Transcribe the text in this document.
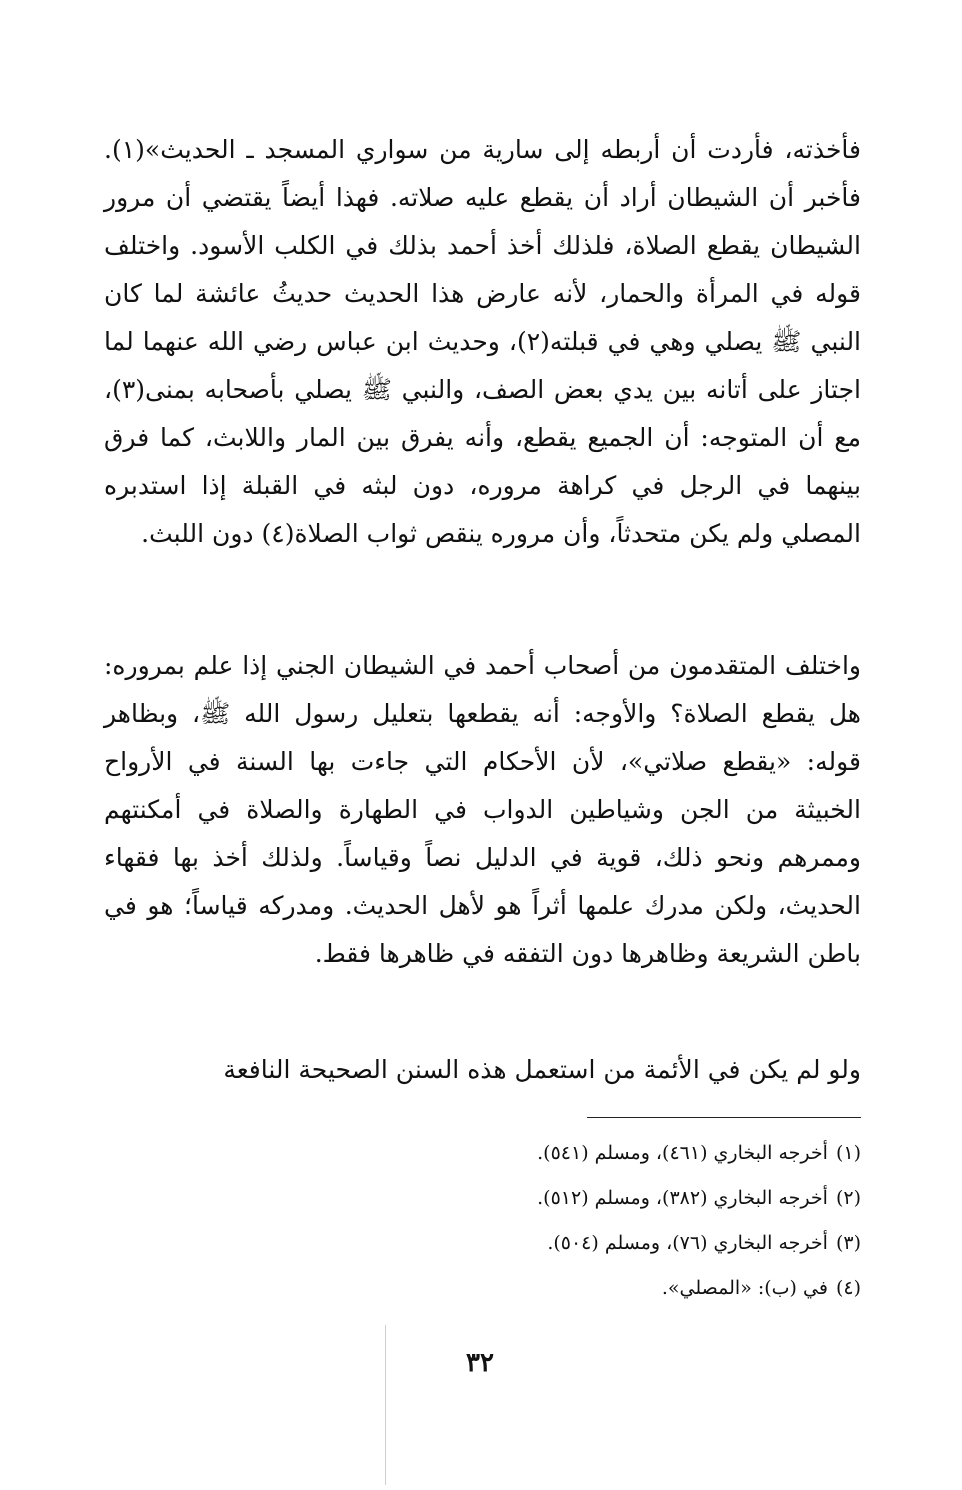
فأخذته، فأردت أن أربطه إلى سارية من سواري المسجد ـ الحديث»(١). فأخبر أن الشيطان أراد أن يقطع عليه صلاته. فهذا أيضاً يقتضي أن مرور الشيطان يقطع الصلاة، فلذلك أخذ أحمد بذلك في الكلب الأسود. واختلف قوله في المرأة والحمار، لأنه عارض هذا الحديث حديثُ عائشة لما كان النبي ﷺ يصلي وهي في قبلته(٢)، وحديث ابن عباس رضي الله عنهما لما اجتاز على أتانه بين يدي بعض الصف، والنبي ﷺ يصلي بأصحابه بمنى(٣)، مع أن المتوجه: أن الجميع يقطع، وأنه يفرق بين المار واللابث، كما فرق بينهما في الرجل في كراهة مروره، دون لبثه في القبلة إذا استدبره المصلي ولم يكن متحدثاً، وأن مروره ينقص ثواب الصلاة(٤) دون اللبث.

واختلف المتقدمون من أصحاب أحمد في الشيطان الجني إذا علم بمروره: هل يقطع الصلاة؟ والأوجه: أنه يقطعها بتعليل رسول الله ﷺ، وبظاهر قوله: «يقطع صلاتي»، لأن الأحكام التي جاءت بها السنة في الأرواح الخبيثة من الجن وشياطين الدواب في الطهارة والصلاة في أمكنتهم وممرهم ونحو ذلك، قوية في الدليل نصاً وقياساً. ولذلك أخذ بها فقهاء الحديث، ولكن مدرك علمها أثراً هو لأهل الحديث. ومدركه قياساً؛ هو في باطن الشريعة وظاهرها دون التفقه في ظاهرها فقط.

ولو لم يكن في الأئمة من استعمل هذه السنن الصحيحة النافعة

(١)أخرجه البخاري (٤٦١)، ومسلم (٥٤١).
(٢)أخرجه البخاري (٣٨٢)، ومسلم (٥١٢).
(٣)أخرجه البخاري (٧٦)، ومسلم (٥٠٤).
(٤)في (ب): «المصلي».
٣٢
